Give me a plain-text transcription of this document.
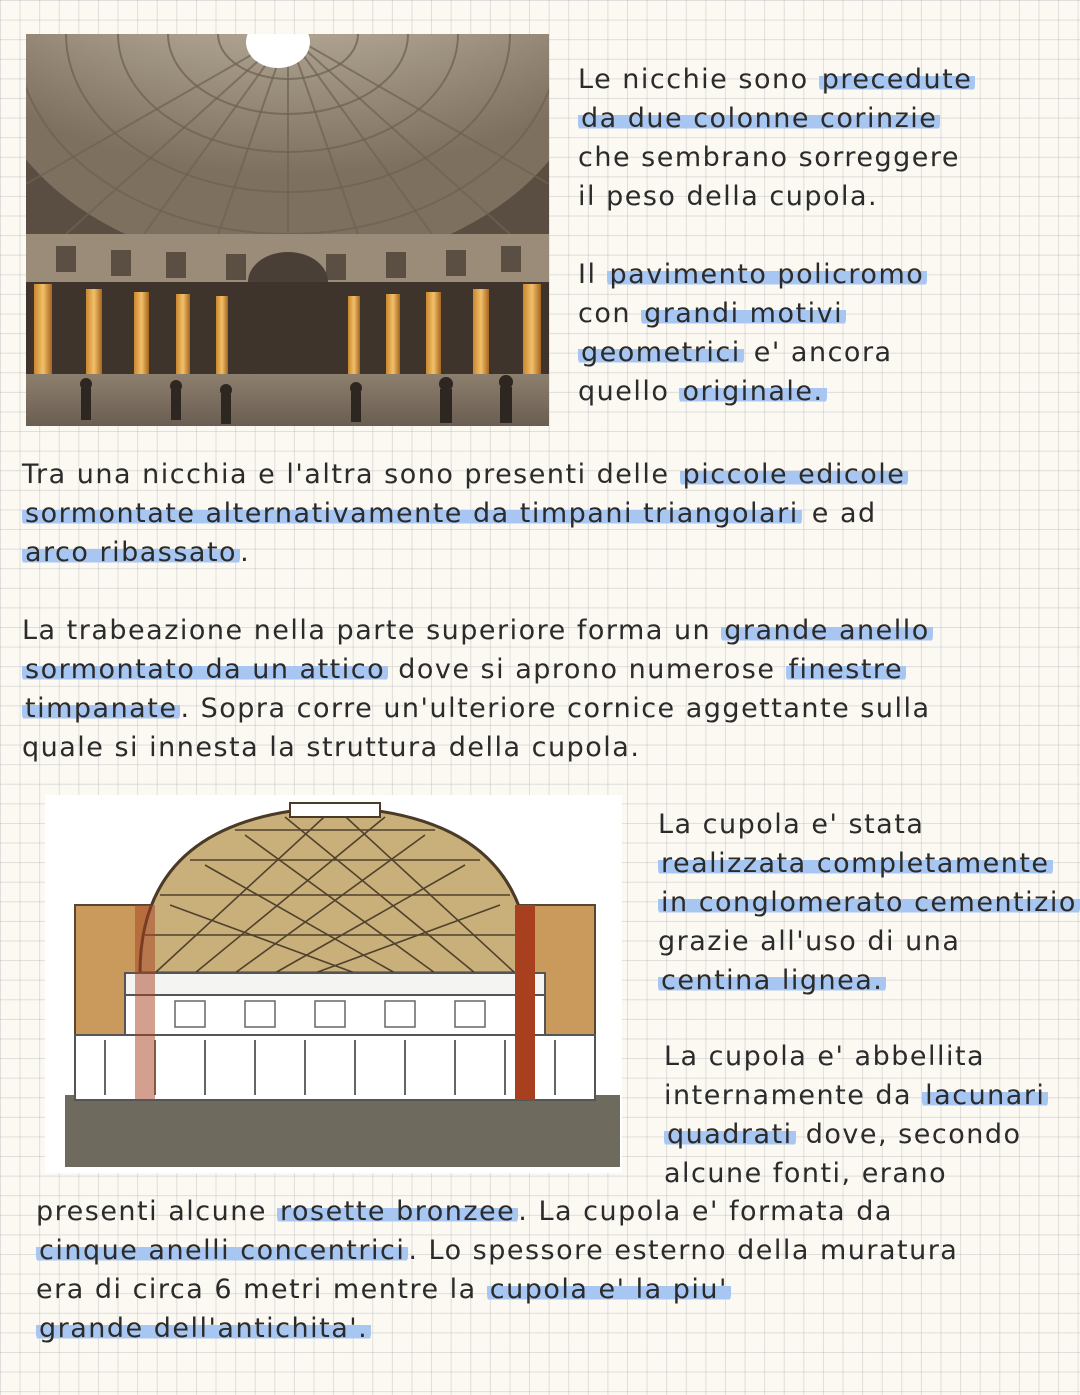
Le nicchie sono precedute
da due colonne corinzie
che sembrano sorreggere
il peso della cupola.
Il pavimento policromo
con grandi motivi
geometrici e' ancora
quello originale.
Tra una nicchia e l'altra sono presenti delle piccole edicole
sormontate alternativamente da timpani triangolari e ad
arco ribassato .
La trabeazione nella parte superiore forma un grande anello
sormontato da un attico dove si aprono numerose finestre
timpanate . Sopra corre un'ulteriore cornice aggettante sulla
quale si innesta la struttura della cupola.
La cupola e' stata
realizzata completamente
in conglomerato cementizio
grazie all'uso di una
centina lignea.
La cupola e' abbellita
internamente da lacunari
quadrati dove, secondo
alcune fonti, erano
presenti alcune rosette bronzee . La cupola e' formata da
cinque anelli concentrici . Lo spessore esterno della muratura
era di circa 6 metri mentre la cupola e' la piu'
grande dell'antichita'.
